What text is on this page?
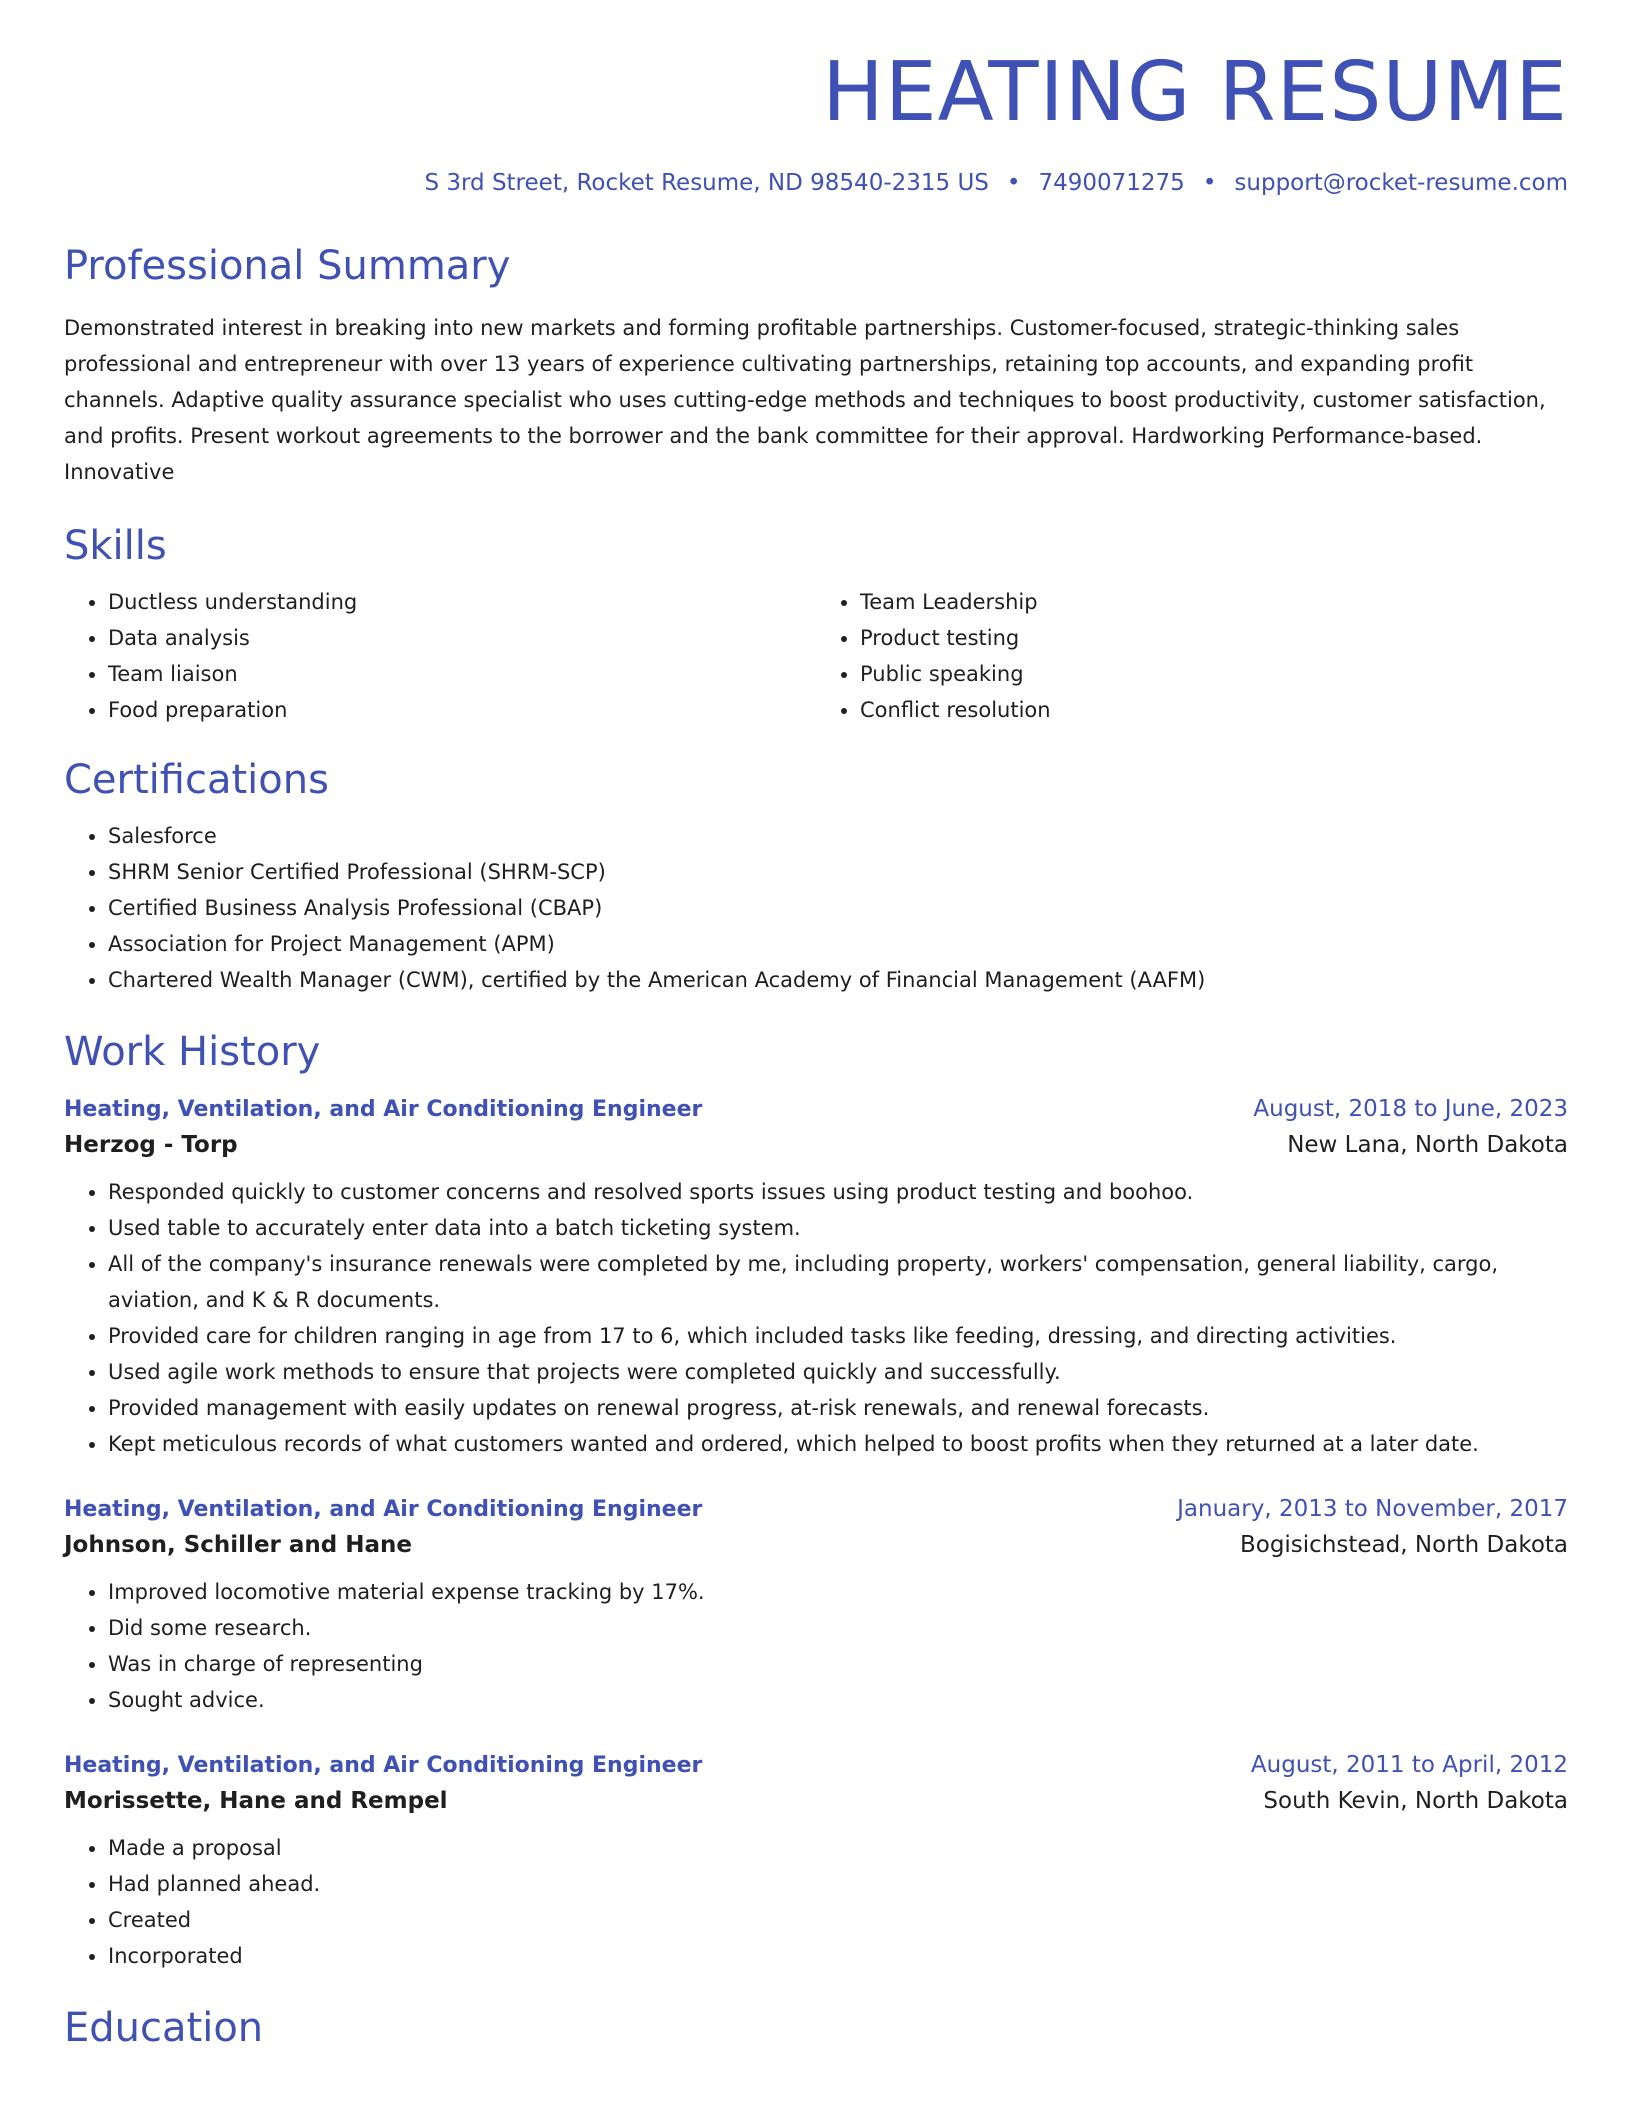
HEATING RESUME
S 3rd Street, Rocket Resume, ND 98540-2315 US • 7490071275 • support@rocket-resume.com
Professional Summary
Demonstrated interest in breaking into new markets and forming profitable partnerships. Customer-focused, strategic-thinking sales professional and entrepreneur with over 13 years of experience cultivating partnerships, retaining top accounts, and expanding profit channels. Adaptive quality assurance specialist who uses cutting-edge methods and techniques to boost productivity, customer satisfaction, and profits. Present workout agreements to the borrower and the bank committee for their approval. Hardworking Performance-based. Innovative
Skills
• Ductless understanding
• Data analysis
• Team liaison
• Food preparation
• Team Leadership
• Product testing
• Public speaking
• Conflict resolution
Certifications
• Salesforce
• SHRM Senior Certified Professional (SHRM-SCP)
• Certified Business Analysis Professional (CBAP)
• Association for Project Management (APM)
• Chartered Wealth Manager (CWM), certified by the American Academy of Financial Management (AAFM)
Work History
Heating, Ventilation, and Air Conditioning Engineer	August, 2018 to June, 2023
Herzog - Torp	New Lana, North Dakota
• Responded quickly to customer concerns and resolved sports issues using product testing and boohoo.
• Used table to accurately enter data into a batch ticketing system.
• All of the company's insurance renewals were completed by me, including property, workers' compensation, general liability, cargo, aviation, and K & R documents.
• Provided care for children ranging in age from 17 to 6, which included tasks like feeding, dressing, and directing activities.
• Used agile work methods to ensure that projects were completed quickly and successfully.
• Provided management with easily updates on renewal progress, at-risk renewals, and renewal forecasts.
• Kept meticulous records of what customers wanted and ordered, which helped to boost profits when they returned at a later date.
Heating, Ventilation, and Air Conditioning Engineer	January, 2013 to November, 2017
Johnson, Schiller and Hane	Bogisichstead, North Dakota
• Improved locomotive material expense tracking by 17%.
• Did some research.
• Was in charge of representing
• Sought advice.
Heating, Ventilation, and Air Conditioning Engineer	August, 2011 to April, 2012
Morissette, Hane and Rempel	South Kevin, North Dakota
• Made a proposal
• Had planned ahead.
• Created
• Incorporated
Education
